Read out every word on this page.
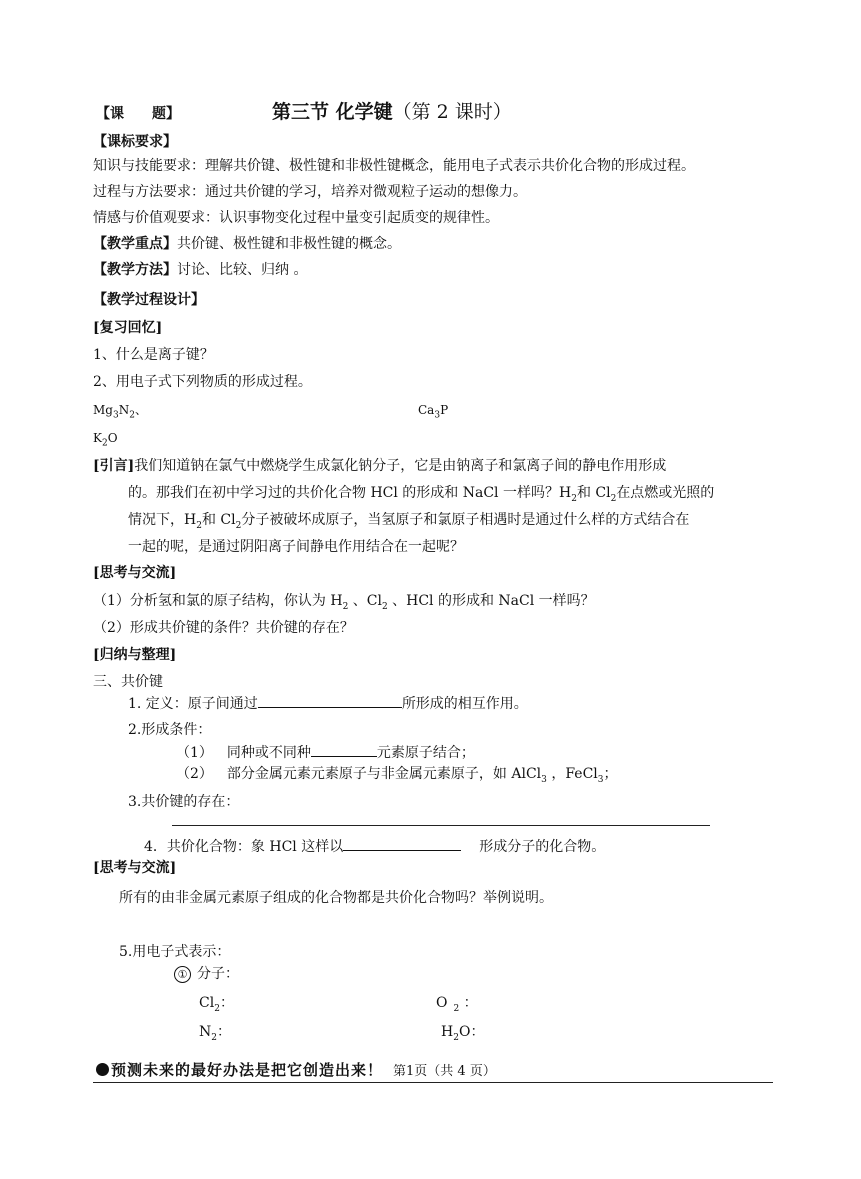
【课　　题】	第三节 化学键（第 2 课时）
【课标要求】
知识与技能要求：理解共价键、极性键和非极性键概念，能用电子式表示共价化合物的形成过程。
过程与方法要求：通过共价键的学习，培养对微观粒子运动的想像力。
情感与价值观要求：认识事物变化过程中量变引起质变的规律性。
【教学重点】共价键、极性键和非极性键的概念。
【教学方法】讨论、比较、归纳 。
【教学过程设计】
[复习回忆]
1、什么是离子键？
2、用电子式下列物质的形成过程。
$Mg_3N_2$、	$Ca_3P$
$K_2O$
[引言]我们知道钠在氯气中燃烧学生成氯化钠分子，它是由钠离子和氯离子间的静电作用形成
的。那我们在初中学习过的共价化合物 HCl 的形成和 NaCl 一样吗？$H_2$和 $Cl_2$在点燃或光照的
情况下，$H_2$和 $Cl_2$分子被破坏成原子，当氢原子和氯原子相遇时是通过什么样的方式结合在
一起的呢，是通过阴阳离子间静电作用结合在一起呢？
[思考与交流]
（1）分析氢和氯的原子结构，你认为 $H_2$ 、$Cl_2$ 、HCl 的形成和 NaCl 一样吗？
（2）形成共价键的条件？共价键的存在？
[归纳与整理]
三、共价键
1. 定义：原子间通过	所形成的相互作用。
2.形成条件：
（1） 同种或不同种	元素原子结合；
（2） 部分金属元素元素原子与非金属元素原子，如 AlCl$_3$ ，FeCl$_3$；
3.共价键的存在：
4．共价化合物：象 HCl 这样以	形成分子的化合物。
[思考与交流]
所有的由非金属元素原子组成的化合物都是共价化合物吗？举例说明。
5.用电子式表示：
① 分子：
$Cl_2$：	O $_2$ ：
$N_2$：	$H_2O$：
预测未来的最好办法是把它创造出来！ 第1页（共 4 页）
